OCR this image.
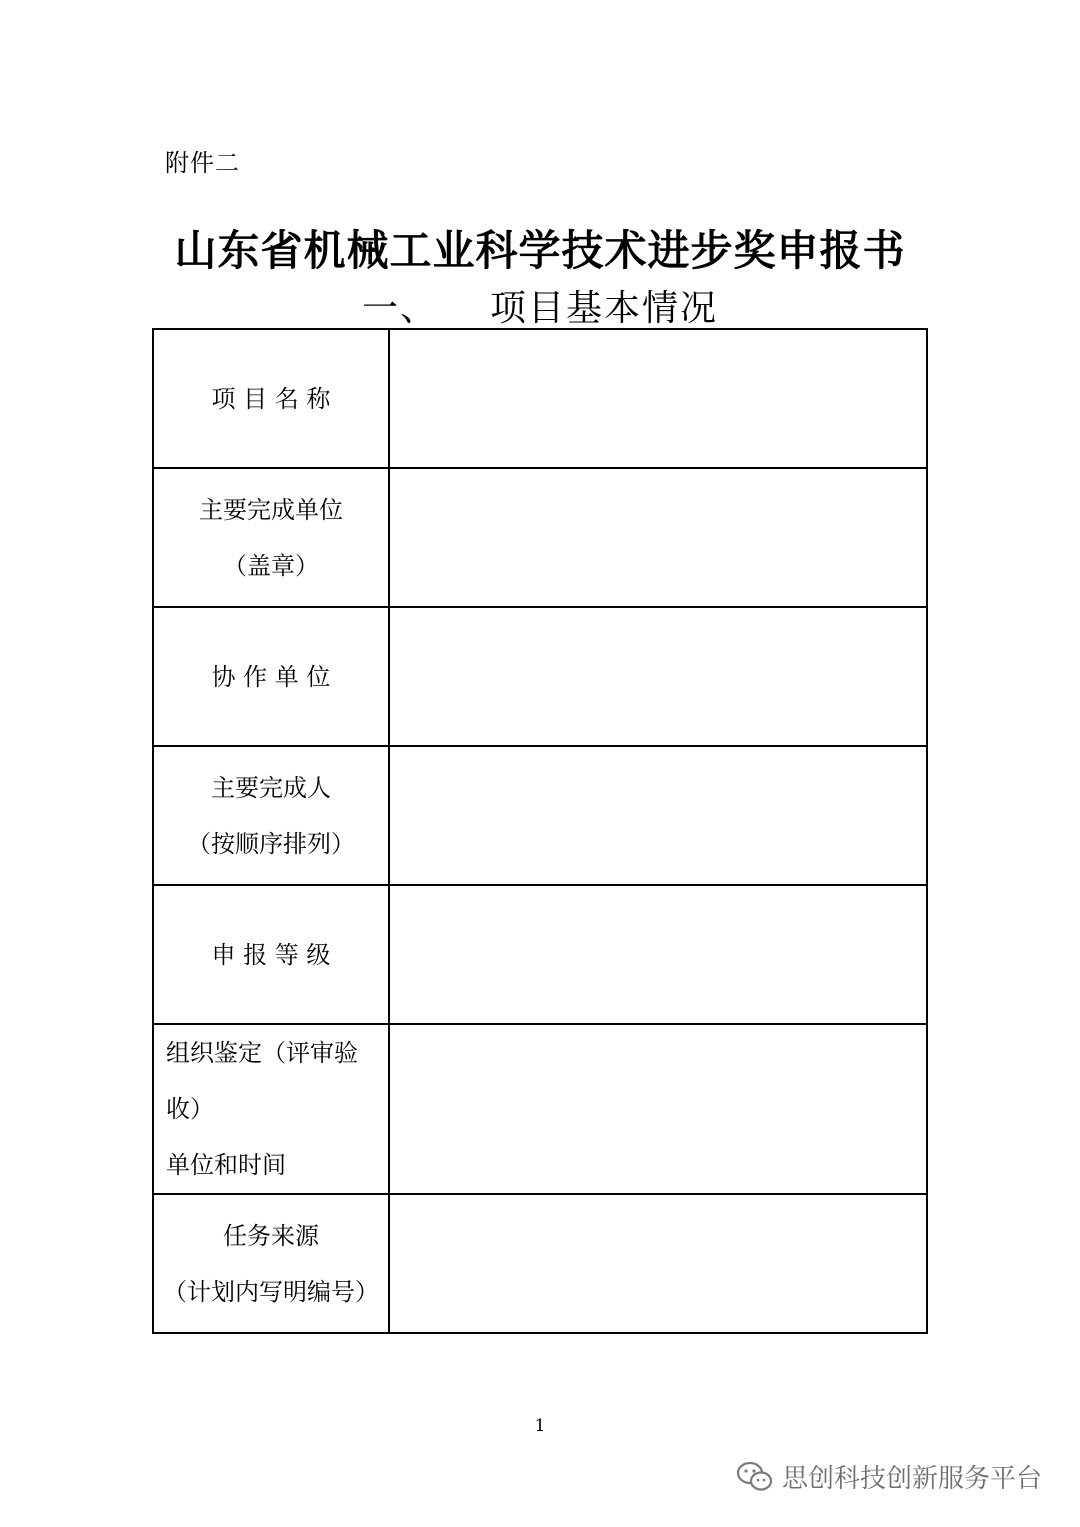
附件二
山东省机械工业科学技术进步奖申报书
一、 项目基本情况
项 目 名 称	

主要完成单位
（盖章）	

协 作 单 位	

主要完成人
（按顺序排列）	

申 报 等 级	

组织鉴定（评审验收）
单位和时间	

任务来源
（计划内写明编号）	

1
思创科技创新服务平台
